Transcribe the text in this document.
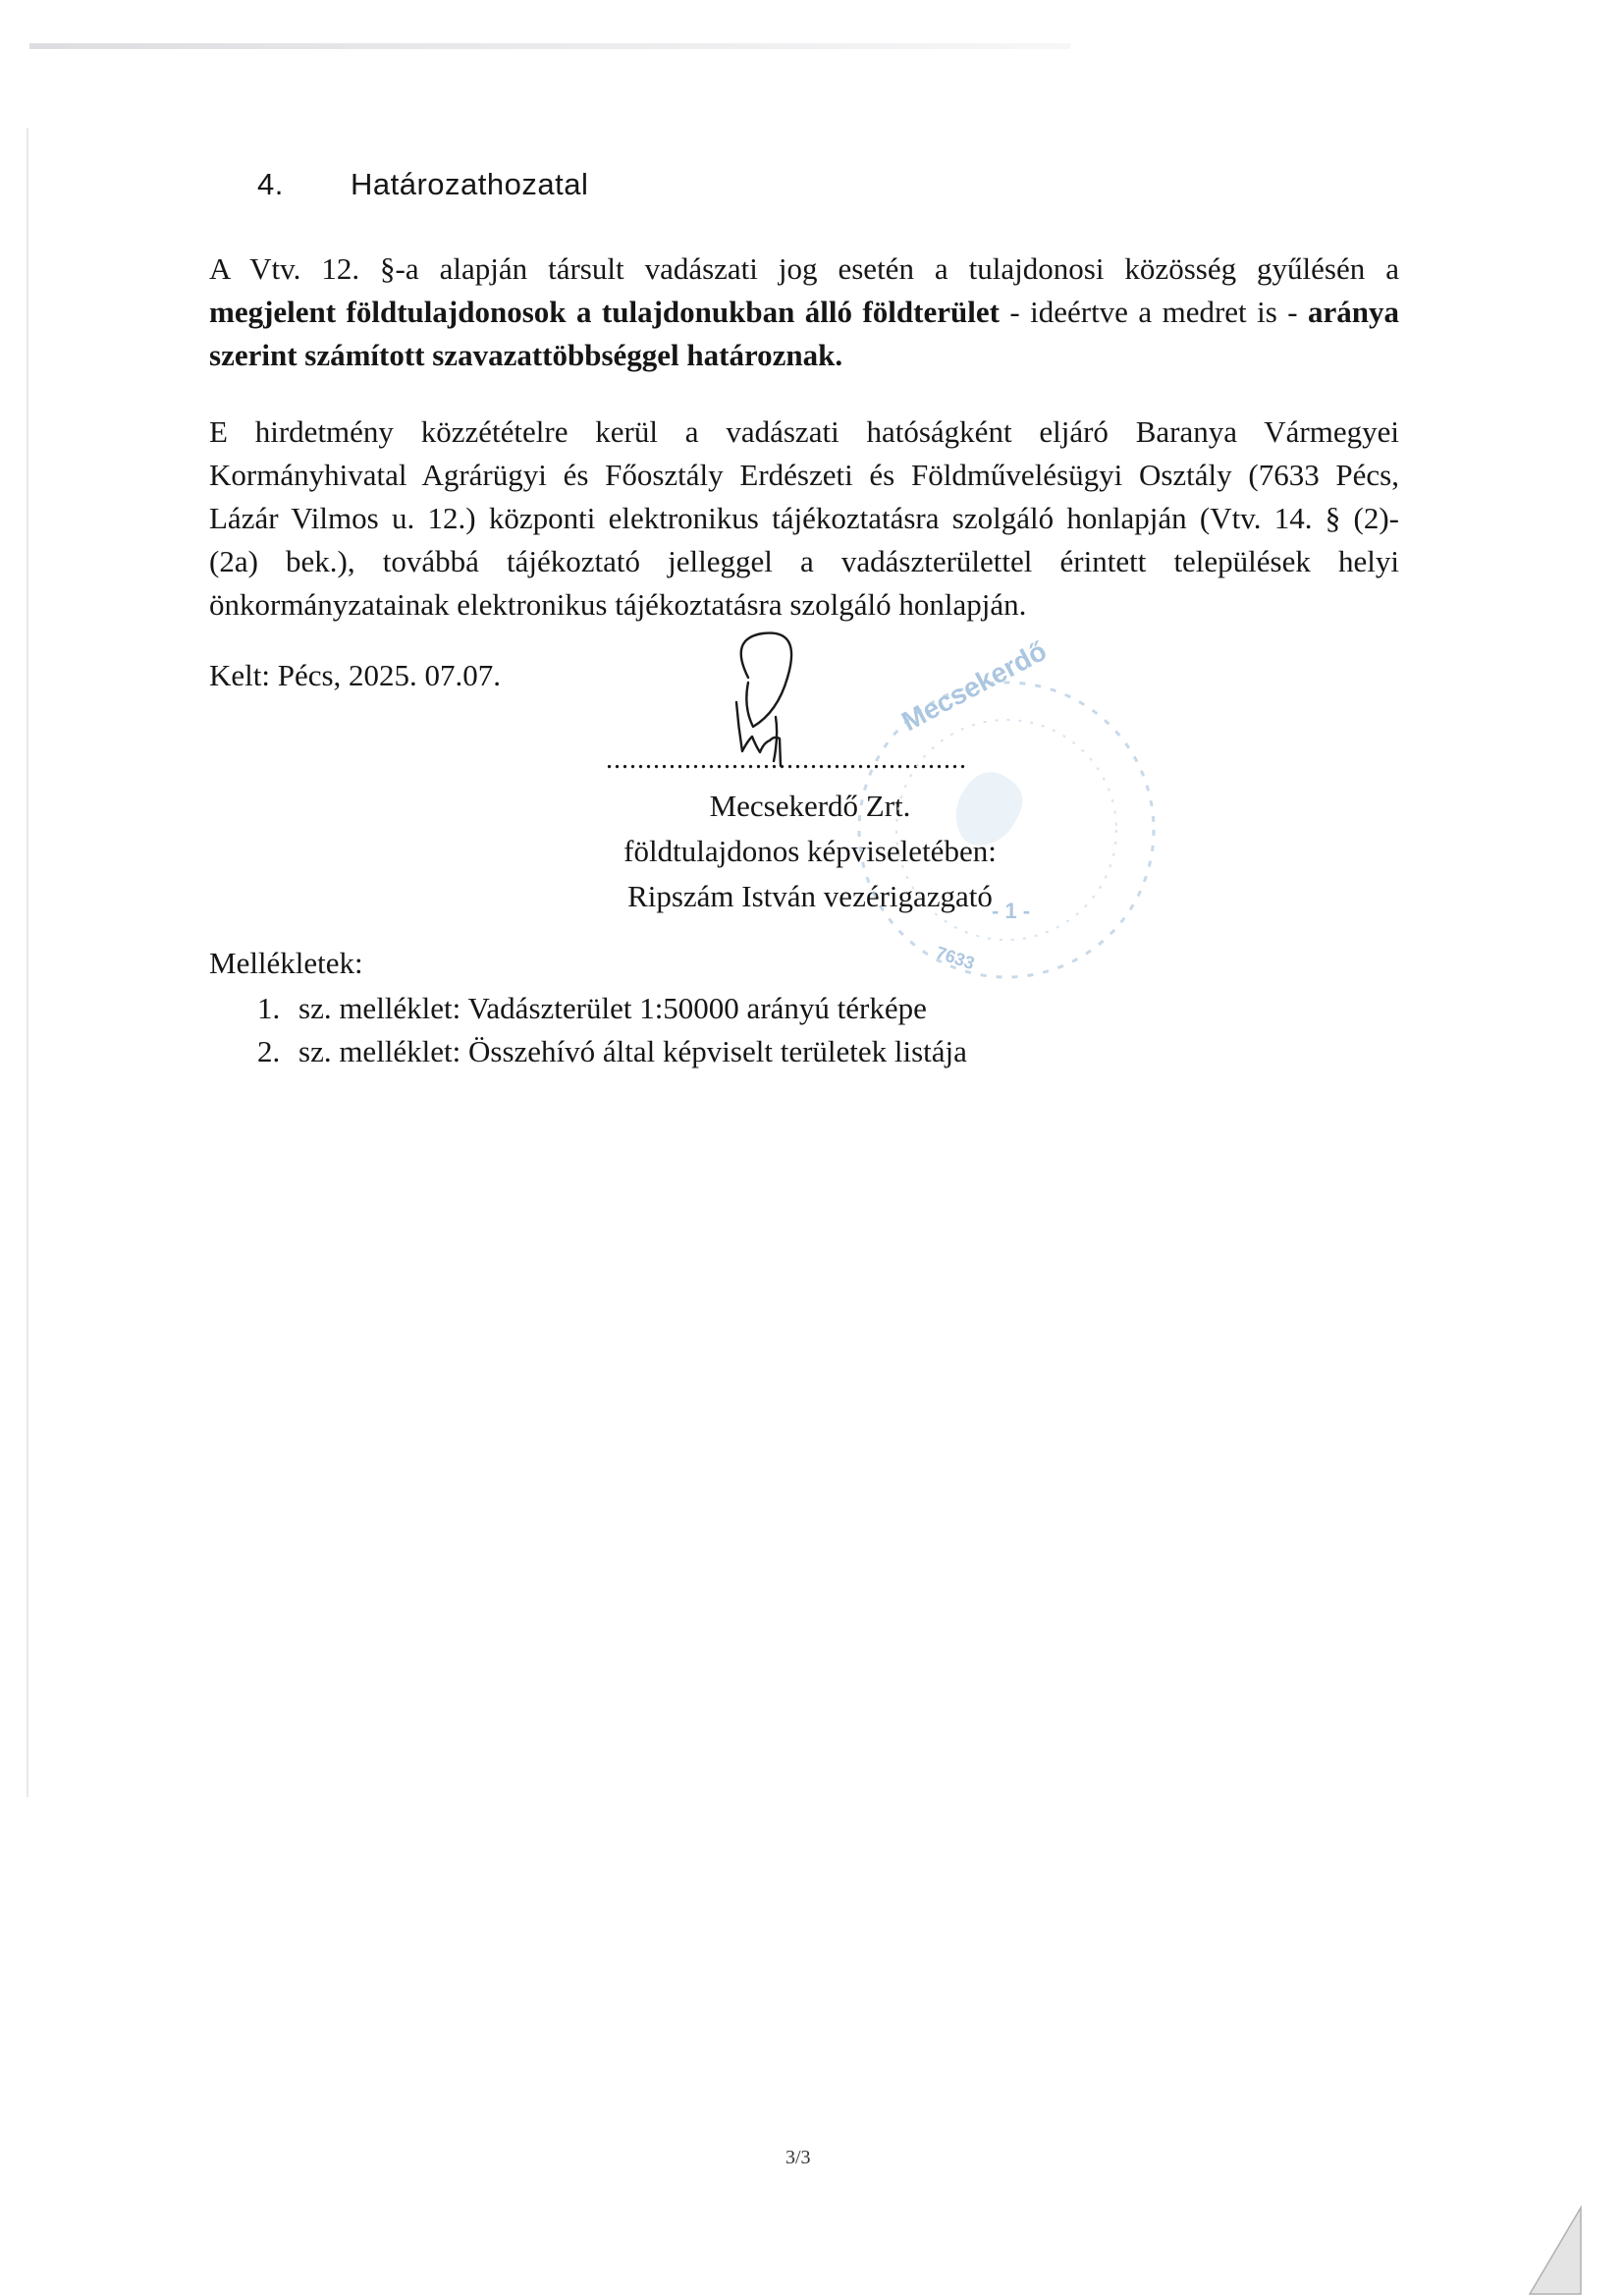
4. Határozathozatal
A Vtv. 12. §-a alapján társult vadászati jog esetén a tulajdonosi közösség gyűlésén a
megjelent földtulajdonosok a tulajdonukban álló földterület - ideértve a medret is - aránya
szerint számított szavazattöbbséggel határoznak.
E hirdetmény közzétételre kerül a vadászati hatóságként eljáró Baranya Vármegyei
Kormányhivatal Agrárügyi és Főosztály Erdészeti és Földművelésügyi Osztály (7633 Pécs,
Lázár Vilmos u. 12.) központi elektronikus tájékoztatásra szolgáló honlapján (Vtv. 14. § (2)-
(2a) bek.), továbbá tájékoztató jelleggel a vadászterülettel érintett települések helyi
önkormányzatainak elektronikus tájékoztatásra szolgáló honlapján.
Kelt: Pécs, 2025. 07.07.
..............................................
Mecsekerdő Zrt.
földtulajdonos képviseletében:
Ripszám István vezérigazgató
Mellékletek:
1. sz. melléklet: Vadászterület 1:50000 arányú térképe
2. sz. melléklet: Összehívó által képviselt területek listája
3/3
Mecsekerdő
- 1 -
7633
